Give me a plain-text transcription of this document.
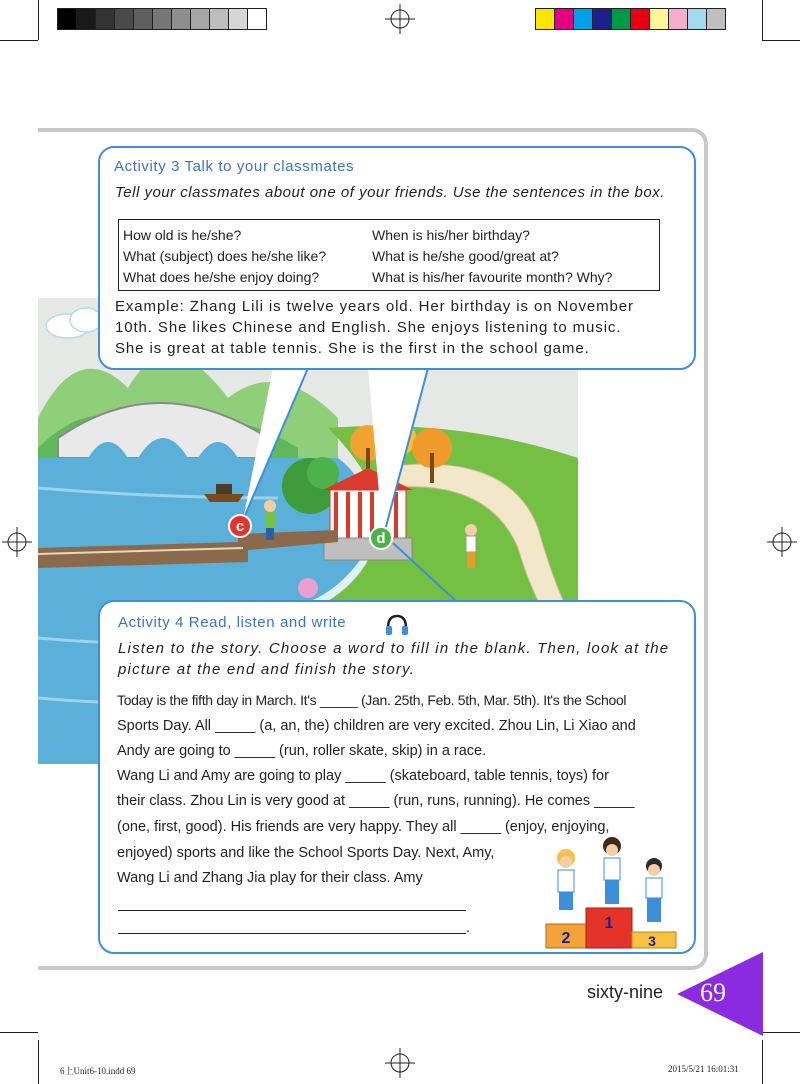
c
d
Activity 3 Talk to your classmates
Tell your classmates about one of your friends. Use the sentences in the box.
How old is he/she?
What (subject) does he/she like?
What does he/she enjoy doing?
When is his/her birthday?
What is he/she good/great at?
What is his/her favourite month? Why?
Example: Zhang Lili is twelve years old. Her birthday is on November
10th. She likes Chinese and English. She enjoys listening to music.
She is great at table tennis. She is the first in the school game.
Activity 4 Read, listen and write
Listen to the story. Choose a word to fill in the blank. Then, look at the
picture at the end and finish the story.
Today is the fifth day in March. It's _____ (Jan. 25th, Feb. 5th, Mar. 5th). It's the School
Sports Day. All _____ (a, an, the) children are very excited. Zhou Lin, Li Xiao and
Andy are going to _____ (run, roller skate, skip) in a race.
Wang Li and Amy are going to play _____ (skateboard, table tennis, toys) for
their class. Zhou Lin is very good at _____ (run, runs, running). He comes _____
(one, first, good). His friends are very happy. They all _____ (enjoy, enjoying,
enjoyed) sports and like the School Sports Day. Next, Amy,
Wang Li and Zhang Jia play for their class. Amy
.
2
1
3
sixty-nine 69
6上Unit6-10.indd 69	2015/5/21 16:01:31
